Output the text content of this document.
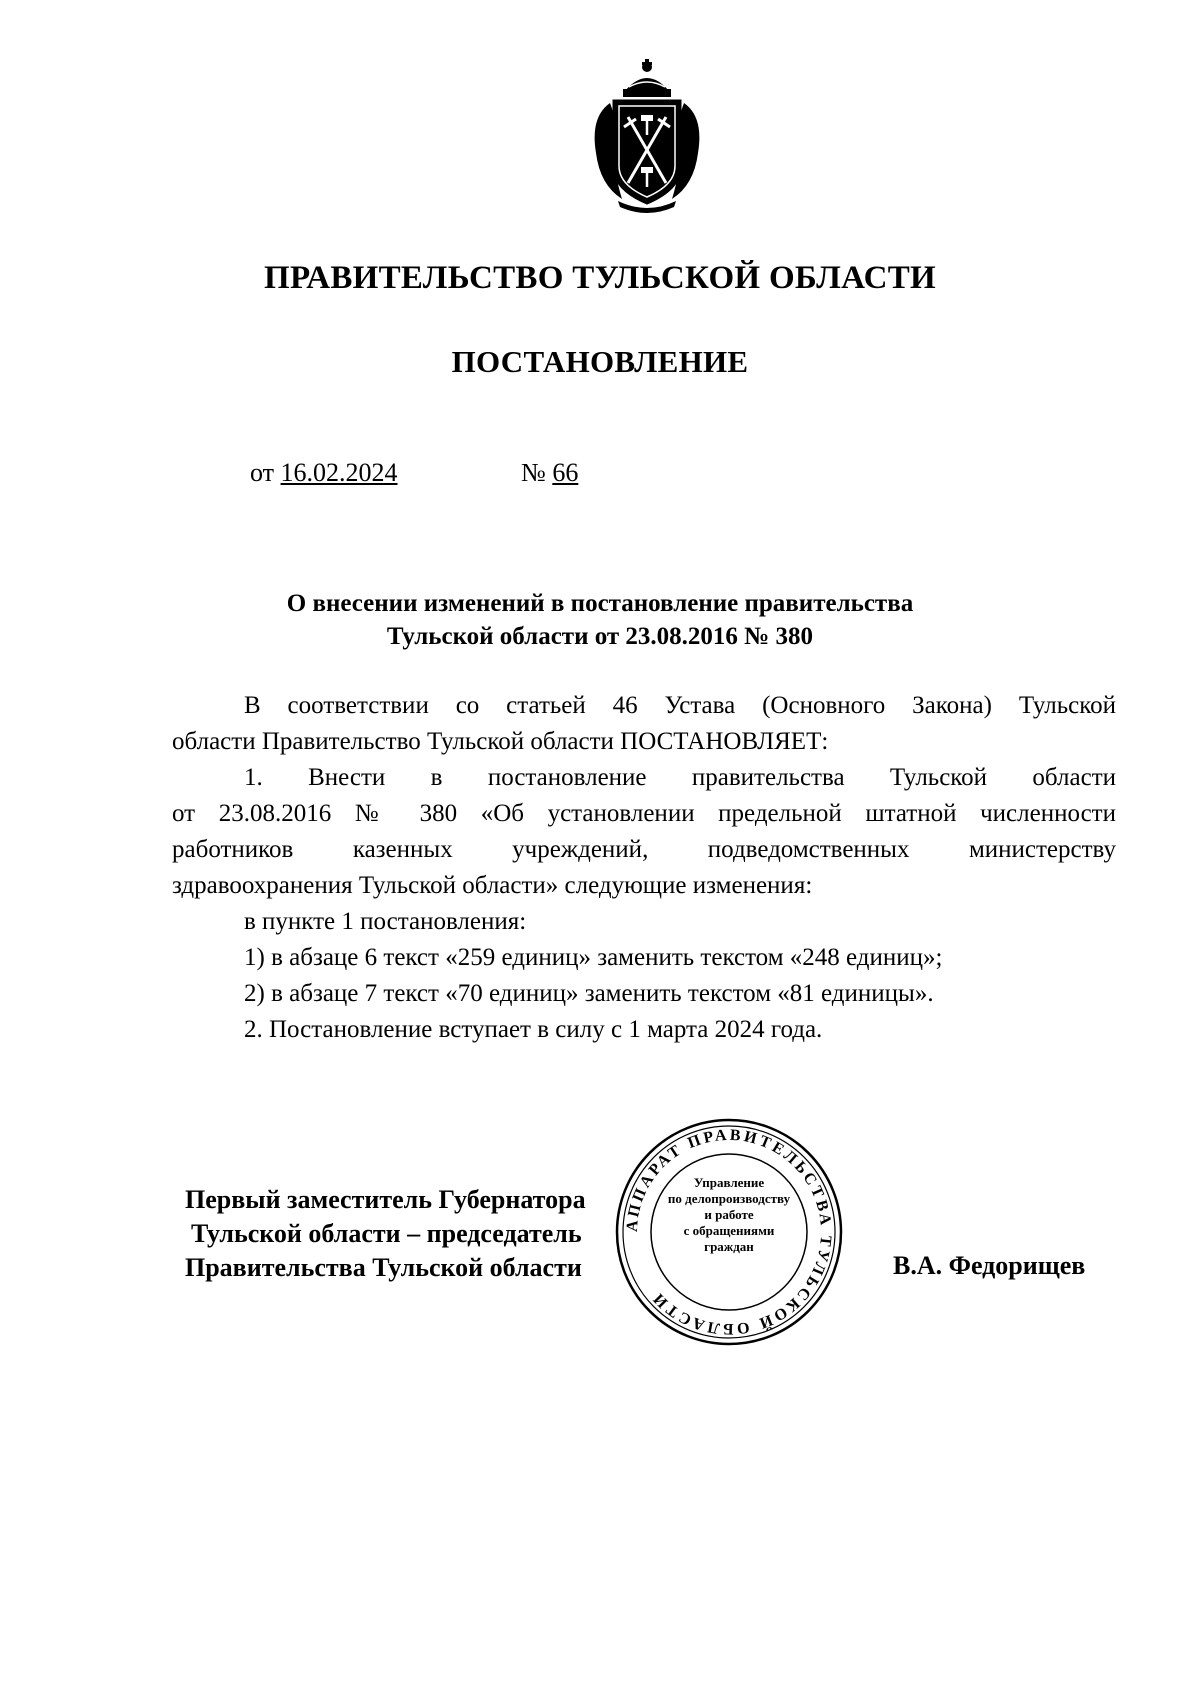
ПРАВИТЕЛЬСТВО ТУЛЬСКОЙ ОБЛАСТИ
ПОСТАНОВЛЕНИЕ
от 16.02.2024	№ 66
О внесении изменений в постановление правительства
Тульской области от 23.08.2016 № 380
В соответствии со статьей 46 Устава (Основного Закона) Тульской
области Правительство Тульской области ПОСТАНОВЛЯЕТ:
1. Внести в постановление правительства Тульской области
от 23.08.2016 № 380 «Об установлении предельной штатной численности
работников казенных учреждений, подведомственных министерству
здравоохранения Тульской области» следующие изменения:
в пункте 1 постановления:
1) в абзаце 6 текст «259 единиц» заменить текстом «248 единиц»;
2) в абзаце 7 текст «70 единиц» заменить текстом «81 единицы».
2. Постановление вступает в силу с 1 марта 2024 года.
АППАРАТ ПРАВИТЕЛЬСТВА ТУЛЬСКОЙ ОБЛАСТИ
Управление
по делопроизводству
и работе
с обращениями
граждан
Первый заместитель Губернатора
Тульской области – председатель
Правительства Тульской области	В.А. Федорищев
